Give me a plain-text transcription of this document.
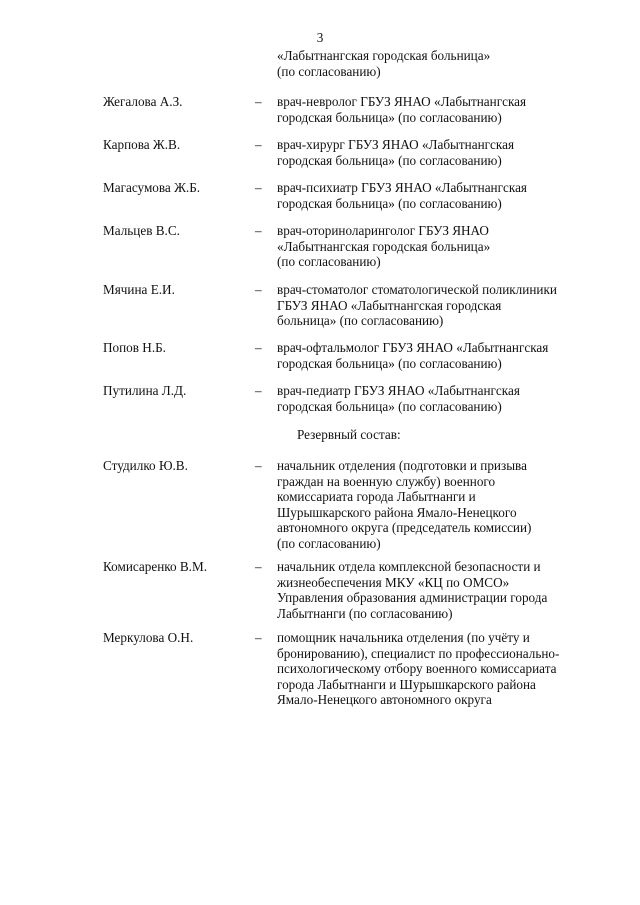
3
«Лабытнангская городская больница»
(по согласованию)
Жегалова А.З.	– врач-невролог ГБУЗ ЯНАО «Лабытнангская
городская больница» (по согласованию)
Карпова Ж.В.	– врач-хирург ГБУЗ ЯНАО «Лабытнангская
городская больница» (по согласованию)
Магасумова Ж.Б.	– врач-психиатр ГБУЗ ЯНАО «Лабытнангская
городская больница» (по согласованию)
Мальцев В.С.	– врач-оториноларинголог ГБУЗ ЯНАО
«Лабытнангская городская больница»
(по согласованию)
Мячина Е.И.	– врач-стоматолог стоматологической поликлиники
ГБУЗ ЯНАО «Лабытнангская городская
больница» (по согласованию)
Попов Н.Б.	– врач-офтальмолог ГБУЗ ЯНАО «Лабытнангская
городская больница» (по согласованию)
Путилина Л.Д.	– врач-педиатр ГБУЗ ЯНАО «Лабытнангская
городская больница» (по согласованию)
Резервный состав:
Студилко Ю.В.	– начальник отделения (подготовки и призыва
граждан на военную службу) военного
комиссариата города Лабытнанги и
Шурышкарского района Ямало-Ненецкого
автономного округа (председатель комиссии)
(по согласованию)
Комисаренко В.М.	– начальник отдела комплексной безопасности и
жизнеобеспечения МКУ «КЦ по ОМСО»
Управления образования администрации города
Лабытнанги (по согласованию)
Меркулова О.Н.	– помощник начальника отделения (по учёту и
бронированию), специалист по профессионально-
психологическому отбору военного комиссариата
города Лабытнанги и Шурышкарского района
Ямало-Ненецкого автономного округа
